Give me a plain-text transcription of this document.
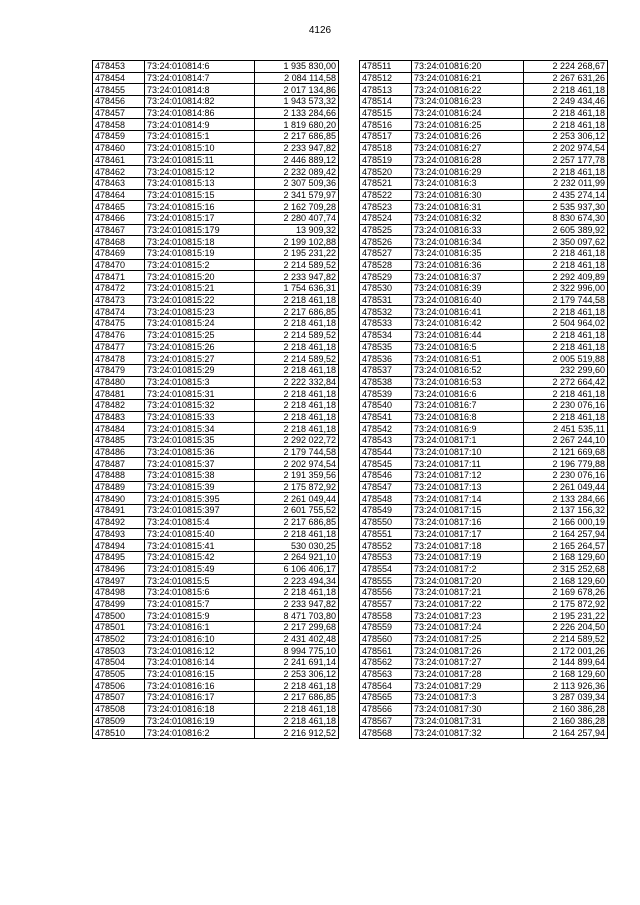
4126
478453	73:24:010814:6	1 935 830,00
478454	73:24:010814:7	2 084 114,58
478455	73:24:010814:8	2 017 134,86
478456	73:24:010814:82	1 943 573,32
478457	73:24:010814:86	2 133 284,66
478458	73:24:010814:9	1 819 680,20
478459	73:24:010815:1	2 217 686,85
478460	73:24:010815:10	2 233 947,82
478461	73:24:010815:11	2 446 889,12
478462	73:24:010815:12	2 232 089,42
478463	73:24:010815:13	2 307 509,36
478464	73:24:010815:15	2 341 579,97
478465	73:24:010815:16	2 162 709,28
478466	73:24:010815:17	2 280 407,74
478467	73:24:010815:179	13 909,32
478468	73:24:010815:18	2 199 102,88
478469	73:24:010815:19	2 195 231,22
478470	73:24:010815:2	2 214 589,52
478471	73:24:010815:20	2 233 947,82
478472	73:24:010815:21	1 754 636,31
478473	73:24:010815:22	2 218 461,18
478474	73:24:010815:23	2 217 686,85
478475	73:24:010815:24	2 218 461,18
478476	73:24:010815:25	2 214 589,52
478477	73:24:010815:26	2 218 461,18
478478	73:24:010815:27	2 214 589,52
478479	73:24:010815:29	2 218 461,18
478480	73:24:010815:3	2 222 332,84
478481	73:24:010815:31	2 218 461,18
478482	73:24:010815:32	2 218 461,18
478483	73:24:010815:33	2 218 461,18
478484	73:24:010815:34	2 218 461,18
478485	73:24:010815:35	2 292 022,72
478486	73:24:010815:36	2 179 744,58
478487	73:24:010815:37	2 202 974,54
478488	73:24:010815:38	2 191 359,56
478489	73:24:010815:39	2 175 872,92
478490	73:24:010815:395	2 261 049,44
478491	73:24:010815:397	2 601 755,52
478492	73:24:010815:4	2 217 686,85
478493	73:24:010815:40	2 218 461,18
478494	73:24:010815:41	530 030,25
478495	73:24:010815:42	2 264 921,10
478496	73:24:010815:49	6 106 406,17
478497	73:24:010815:5	2 223 494,34
478498	73:24:010815:6	2 218 461,18
478499	73:24:010815:7	2 233 947,82
478500	73:24:010815:9	8 471 703,80
478501	73:24:010816:1	2 217 299,68
478502	73:24:010816:10	2 431 402,48
478503	73:24:010816:12	8 994 775,10
478504	73:24:010816:14	2 241 691,14
478505	73:24:010816:15	2 253 306,12
478506	73:24:010816:16	2 218 461,18
478507	73:24:010816:17	2 217 686,85
478508	73:24:010816:18	2 218 461,18
478509	73:24:010816:19	2 218 461,18
478510	73:24:010816:2	2 216 912,52
478511	73:24:010816:20	2 224 268,67
478512	73:24:010816:21	2 267 631,26
478513	73:24:010816:22	2 218 461,18
478514	73:24:010816:23	2 249 434,46
478515	73:24:010816:24	2 218 461,18
478516	73:24:010816:25	2 218 461,18
478517	73:24:010816:26	2 253 306,12
478518	73:24:010816:27	2 202 974,54
478519	73:24:010816:28	2 257 177,78
478520	73:24:010816:29	2 218 461,18
478521	73:24:010816:3	2 232 011,99
478522	73:24:010816:30	2 435 274,14
478523	73:24:010816:31	2 535 937,30
478524	73:24:010816:32	8 830 674,30
478525	73:24:010816:33	2 605 389,92
478526	73:24:010816:34	2 350 097,62
478527	73:24:010816:35	2 218 461,18
478528	73:24:010816:36	2 218 461,18
478529	73:24:010816:37	2 292 409,89
478530	73:24:010816:39	2 322 996,00
478531	73:24:010816:40	2 179 744,58
478532	73:24:010816:41	2 218 461,18
478533	73:24:010816:42	2 504 964,02
478534	73:24:010816:44	2 218 461,18
478535	73:24:010816:5	2 218 461,18
478536	73:24:010816:51	2 005 519,88
478537	73:24:010816:52	232 299,60
478538	73:24:010816:53	2 272 664,42
478539	73:24:010816:6	2 218 461,18
478540	73:24:010816:7	2 230 076,16
478541	73:24:010816:8	2 218 461,18
478542	73:24:010816:9	2 451 535,11
478543	73:24:010817:1	2 267 244,10
478544	73:24:010817:10	2 121 669,68
478545	73:24:010817:11	2 196 779,88
478546	73:24:010817:12	2 230 076,16
478547	73:24:010817:13	2 261 049,44
478548	73:24:010817:14	2 133 284,66
478549	73:24:010817:15	2 137 156,32
478550	73:24:010817:16	2 166 000,19
478551	73:24:010817:17	2 164 257,94
478552	73:24:010817:18	2 165 264,57
478553	73:24:010817:19	2 168 129,60
478554	73:24:010817:2	2 315 252,68
478555	73:24:010817:20	2 168 129,60
478556	73:24:010817:21	2 169 678,26
478557	73:24:010817:22	2 175 872,92
478558	73:24:010817:23	2 195 231,22
478559	73:24:010817:24	2 226 204,50
478560	73:24:010817:25	2 214 589,52
478561	73:24:010817:26	2 172 001,26
478562	73:24:010817:27	2 144 899,64
478563	73:24:010817:28	2 168 129,60
478564	73:24:010817:29	2 113 926,36
478565	73:24:010817:3	3 287 039,34
478566	73:24:010817:30	2 160 386,28
478567	73:24:010817:31	2 160 386,28
478568	73:24:010817:32	2 164 257,94
